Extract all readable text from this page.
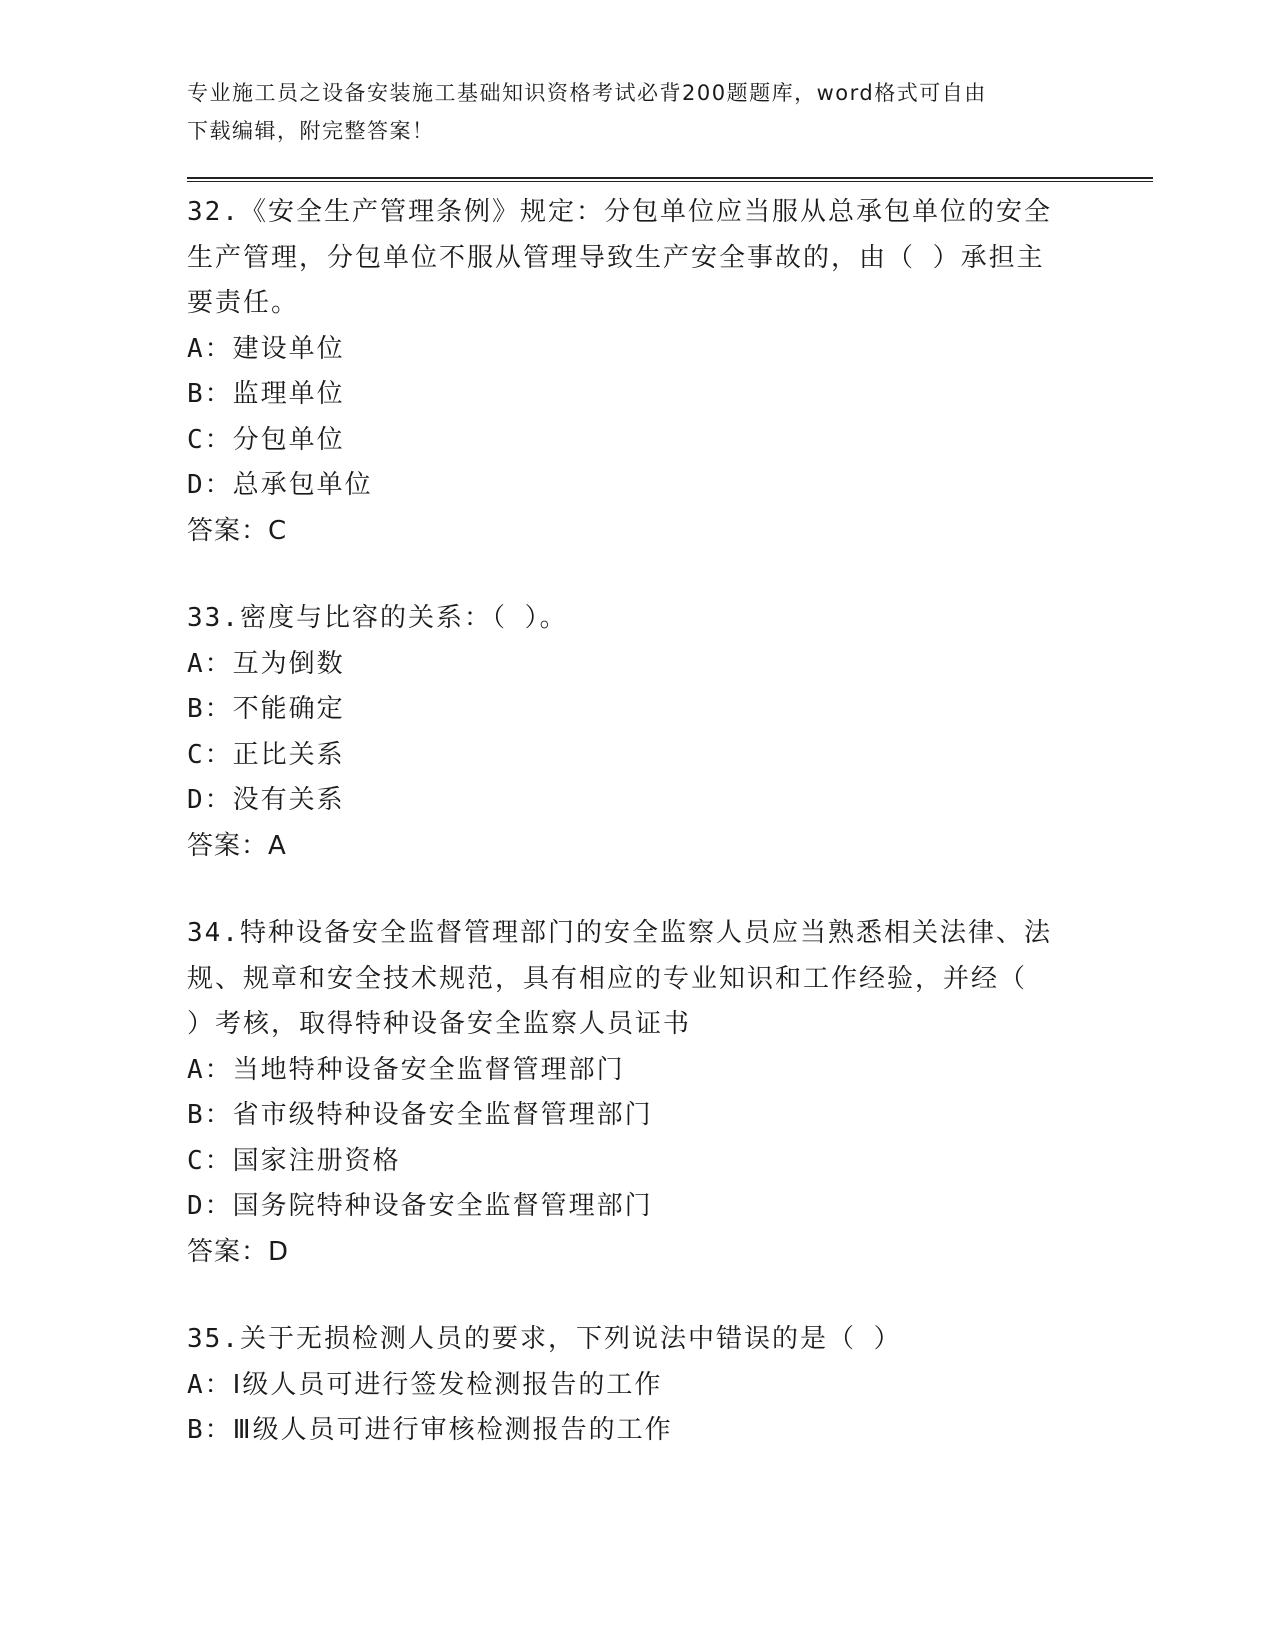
专业施工员之设备安装施工基础知识资格考试必背200题题库，word格式可自由
下载编辑，附完整答案！

32.《安全生产管理条例》规定：分包单位应当服从总承包单位的安全

生产管理，分包单位不服从管理导致生产安全事故的，由（ ）承担主

要责任。

A：建设单位

B：监理单位

C：分包单位

D：总承包单位

答案：C

33.密度与比容的关系：（ ）。

A：互为倒数

B：不能确定

C：正比关系

D：没有关系

答案：A

34.特种设备安全监督管理部门的安全监察人员应当熟悉相关法律、法

规、规章和安全技术规范，具有相应的专业知识和工作经验，并经（

）考核，取得特种设备安全监察人员证书

A：当地特种设备安全监督管理部门

B：省市级特种设备安全监督管理部门

C：国家注册资格

D：国务院特种设备安全监督管理部门

答案：D

35.关于无损检测人员的要求，下列说法中错误的是（ ）

A：Ⅰ级人员可进行签发检测报告的工作

B：Ⅲ级人员可进行审核检测报告的工作
